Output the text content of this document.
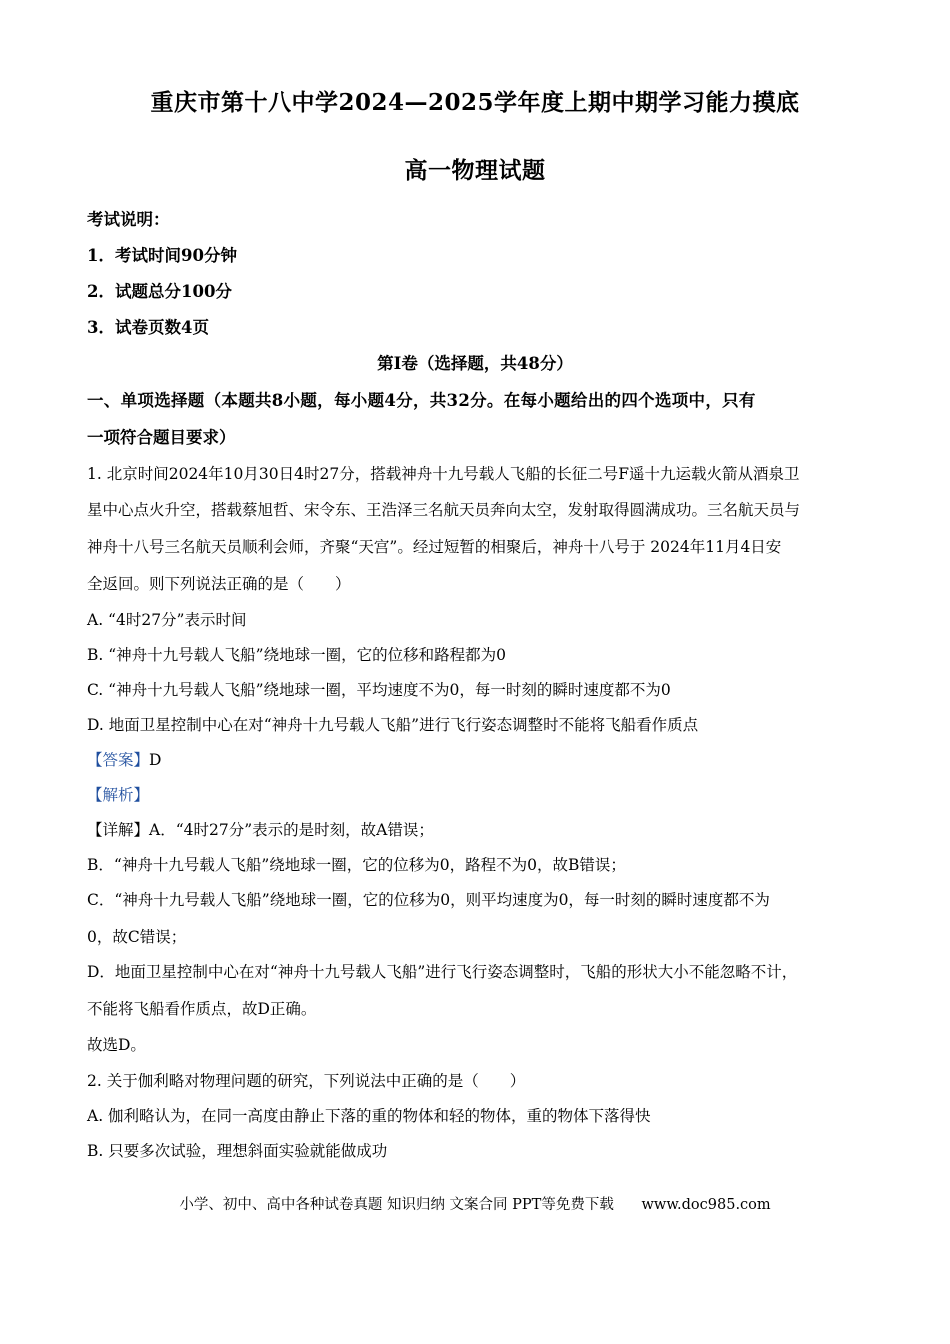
重庆市第十八中学2024—2025学年度上期中期学习能力摸底
高一物理试题
考试说明：
1．考试时间90分钟
2．试题总分100分
3．试卷页数4页
第Ⅰ卷（选择题，共48分）
一、单项选择题（本题共8小题，每小题4分，共32分。在每小题给出的四个选项中，只有
一项符合题目要求）
1. 北京时间2024年10月30日4时27分，搭载神舟十九号载人飞船的长征二号F遥十九运载火箭从酒泉卫
星中心点火升空，搭载蔡旭哲、宋令东、王浩泽三名航天员奔向太空，发射取得圆满成功。三名航天员与
神舟十八号三名航天员顺利会师，齐聚“天宫”。经过短暂的相聚后，神舟十八号于 2024年11月4日安
全返回。则下列说法正确的是（　　）
A. “4时27分”表示时间
B. “神舟十九号载人飞船”绕地球一圈，它的位移和路程都为0
C. “神舟十九号载人飞船”绕地球一圈，平均速度不为0，每一时刻的瞬时速度都不为0
D. 地面卫星控制中心在对“神舟十九号载人飞船”进行飞行姿态调整时不能将飞船看作质点
【答案】D
【解析】
【详解】A．“4时27分”表示的是时刻，故A错误；
B．“神舟十九号载人飞船”绕地球一圈，它的位移为0，路程不为0，故B错误；
C．“神舟十九号载人飞船”绕地球一圈，它的位移为0，则平均速度为0，每一时刻的瞬时速度都不为
0，故C错误；
D．地面卫星控制中心在对“神舟十九号载人飞船”进行飞行姿态调整时，飞船的形状大小不能忽略不计，
不能将飞船看作质点，故D正确。
故选D。
2. 关于伽利略对物理问题的研究，下列说法中正确的是（　　）
A. 伽利略认为，在同一高度由静止下落的重的物体和轻的物体，重的物体下落得快
B. 只要多次试验，理想斜面实验就能做成功
小学、初中、高中各种试卷真题 知识归纳 文案合同 PPT等免费下载 www.doc985.com
